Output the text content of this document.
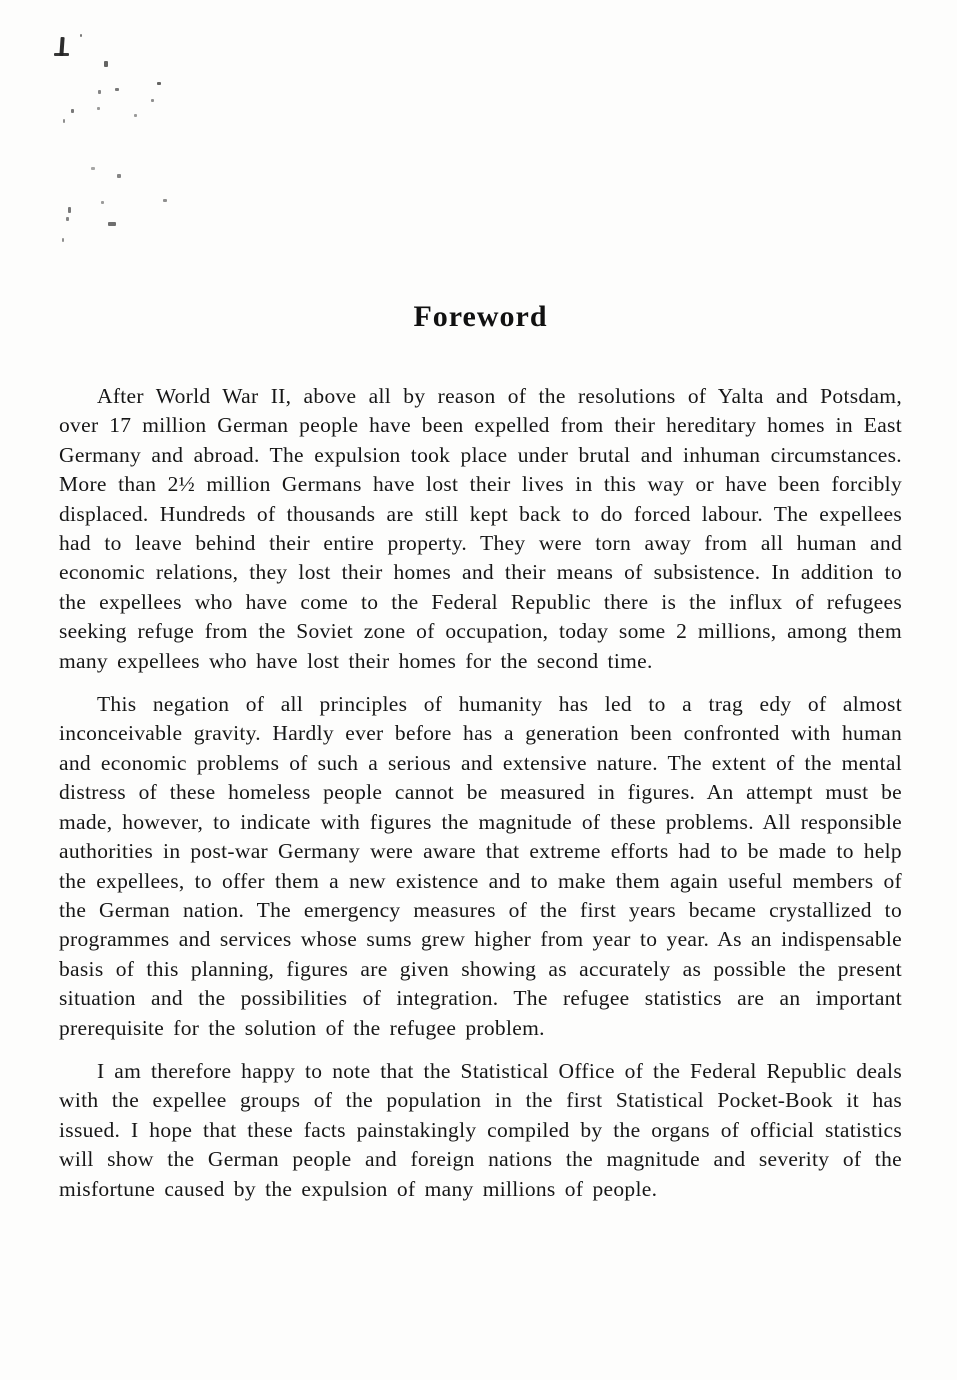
Foreword

After World War II, above all by reason of the resolutions of Yalta and Potsdam, over 17 million German people have been expelled from their hereditary homes in East Germany and abroad. The expulsion took place under brutal and inhuman circumstances. More than 2½ million Germans have lost their lives in this way or have been forcibly displaced. Hundreds of thousands are still kept back to do forced labour. The expellees had to leave behind their entire property. They were torn away from all human and economic relations, they lost their homes and their means of subsistence. In addition to the expellees who have come to the Federal Republic there is the influx of refugees seeking refuge from the Soviet zone of occupation, today some 2 millions, among them many expellees who have lost their homes for the second time.

This negation of all principles of humanity has led to a trag edy of almost inconceivable gravity. Hardly ever before has a generation been confronted with human and economic problems of such a serious and extensive nature. The extent of the mental distress of these homeless people cannot be measured in figures. An attempt must be made, however, to indicate with figures the magnitude of these problems. All responsible authorities in post-war Germany were aware that extreme efforts had to be made to help the expellees, to offer them a new existence and to make them again useful members of the German nation. The emergency measures of the first years became crystallized to programmes and services whose sums grew higher from year to year. As an indispensable basis of this planning, figures are given showing as accurately as possible the present situation and the possibilities of integration. The refugee statistics are an important prerequisite for the solution of the refugee problem.

I am therefore happy to note that the Statistical Office of the Federal Republic deals with the expellee groups of the population in the first Statistical Pocket-Book it has issued. I hope that these facts painstakingly compiled by the organs of official statistics will show the German people and foreign nations the magnitude and severity of the misfortune caused by the expulsion of many millions of people.
